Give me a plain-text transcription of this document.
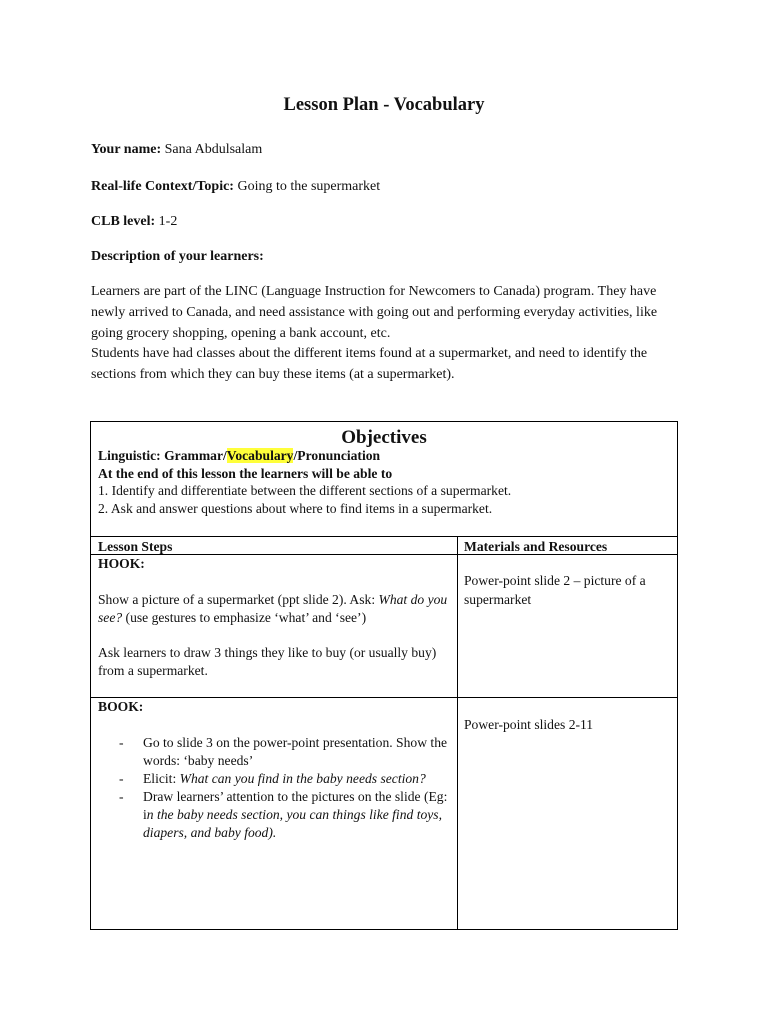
Lesson Plan - Vocabulary

Your name: Sana Abdulsalam

Real-life Context/Topic: Going to the supermarket

CLB level: 1-2

Description of your learners:

Learners are part of the LINC (Language Instruction for Newcomers to Canada) program. They have newly arrived to Canada, and need assistance with going out and performing everyday activities, like going grocery shopping, opening a bank account, etc.

Students have had classes about the different items found at a supermarket, and need to identify the sections from which they can buy these items (at a supermarket).

Objectives

Linguistic: Grammar/Vocabulary/Pronunciation
At the end of this lesson the learners will be able to
1. Identify and differentiate between the different sections of a supermarket.
2. Ask and answer questions about where to find items in a supermarket.
Lesson Steps	Materials and Resources

HOOK:

Show a picture of a supermarket (ppt slide 2). Ask: What do you see? (use gestures to emphasize ‘what’ and ‘see’)

Ask learners to draw 3 things they like to buy (or usually buy) from a supermarket.

Power-point slide 2 – picture of a supermarket

BOOK:

- Go to slide 3 on the power-point presentation. Show the words: ‘baby needs’
- Elicit: What can you find in the baby needs section?
- Draw learners’ attention to the pictures on the slide (Eg: in the baby needs section, you can things like find toys, diapers, and baby food).

Power-point slides 2-11
